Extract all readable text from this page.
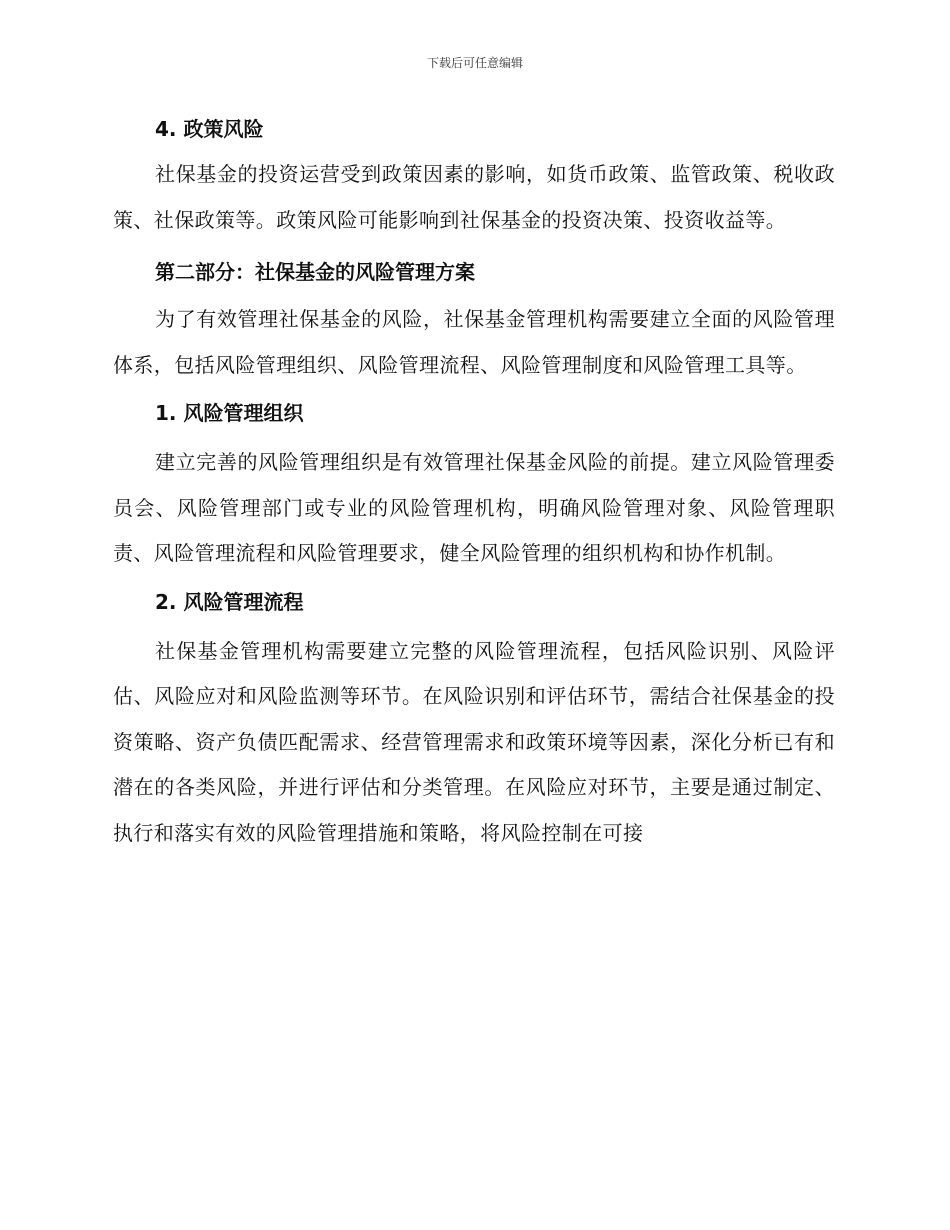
下载后可任意编辑
4. 政策风险

社保基金的投资运营受到政策因素的影响，如货币政策、监管政策、税收政策、社保政策等。政策风险可能影响到社保基金的投资决策、投资收益等。

第二部分：社保基金的风险管理方案

为了有效管理社保基金的风险，社保基金管理机构需要建立全面的风险管理体系，包括风险管理组织、风险管理流程、风险管理制度和风险管理工具等。

1. 风险管理组织

建立完善的风险管理组织是有效管理社保基金风险的前提。建立风险管理委员会、风险管理部门或专业的风险管理机构，明确风险管理对象、风险管理职责、风险管理流程和风险管理要求，健全风险管理的组织机构和协作机制。

2. 风险管理流程

社保基金管理机构需要建立完整的风险管理流程，包括风险识别、风险评估、风险应对和风险监测等环节。在风险识别和评估环节，需结合社保基金的投资策略、资产负债匹配需求、经营管理需求和政策环境等因素，深化分析已有和潜在的各类风险，并进行评估和分类管理。在风险应对环节，主要是通过制定、执行和落实有效的风险管理措施和策略，将风险控制在可接
